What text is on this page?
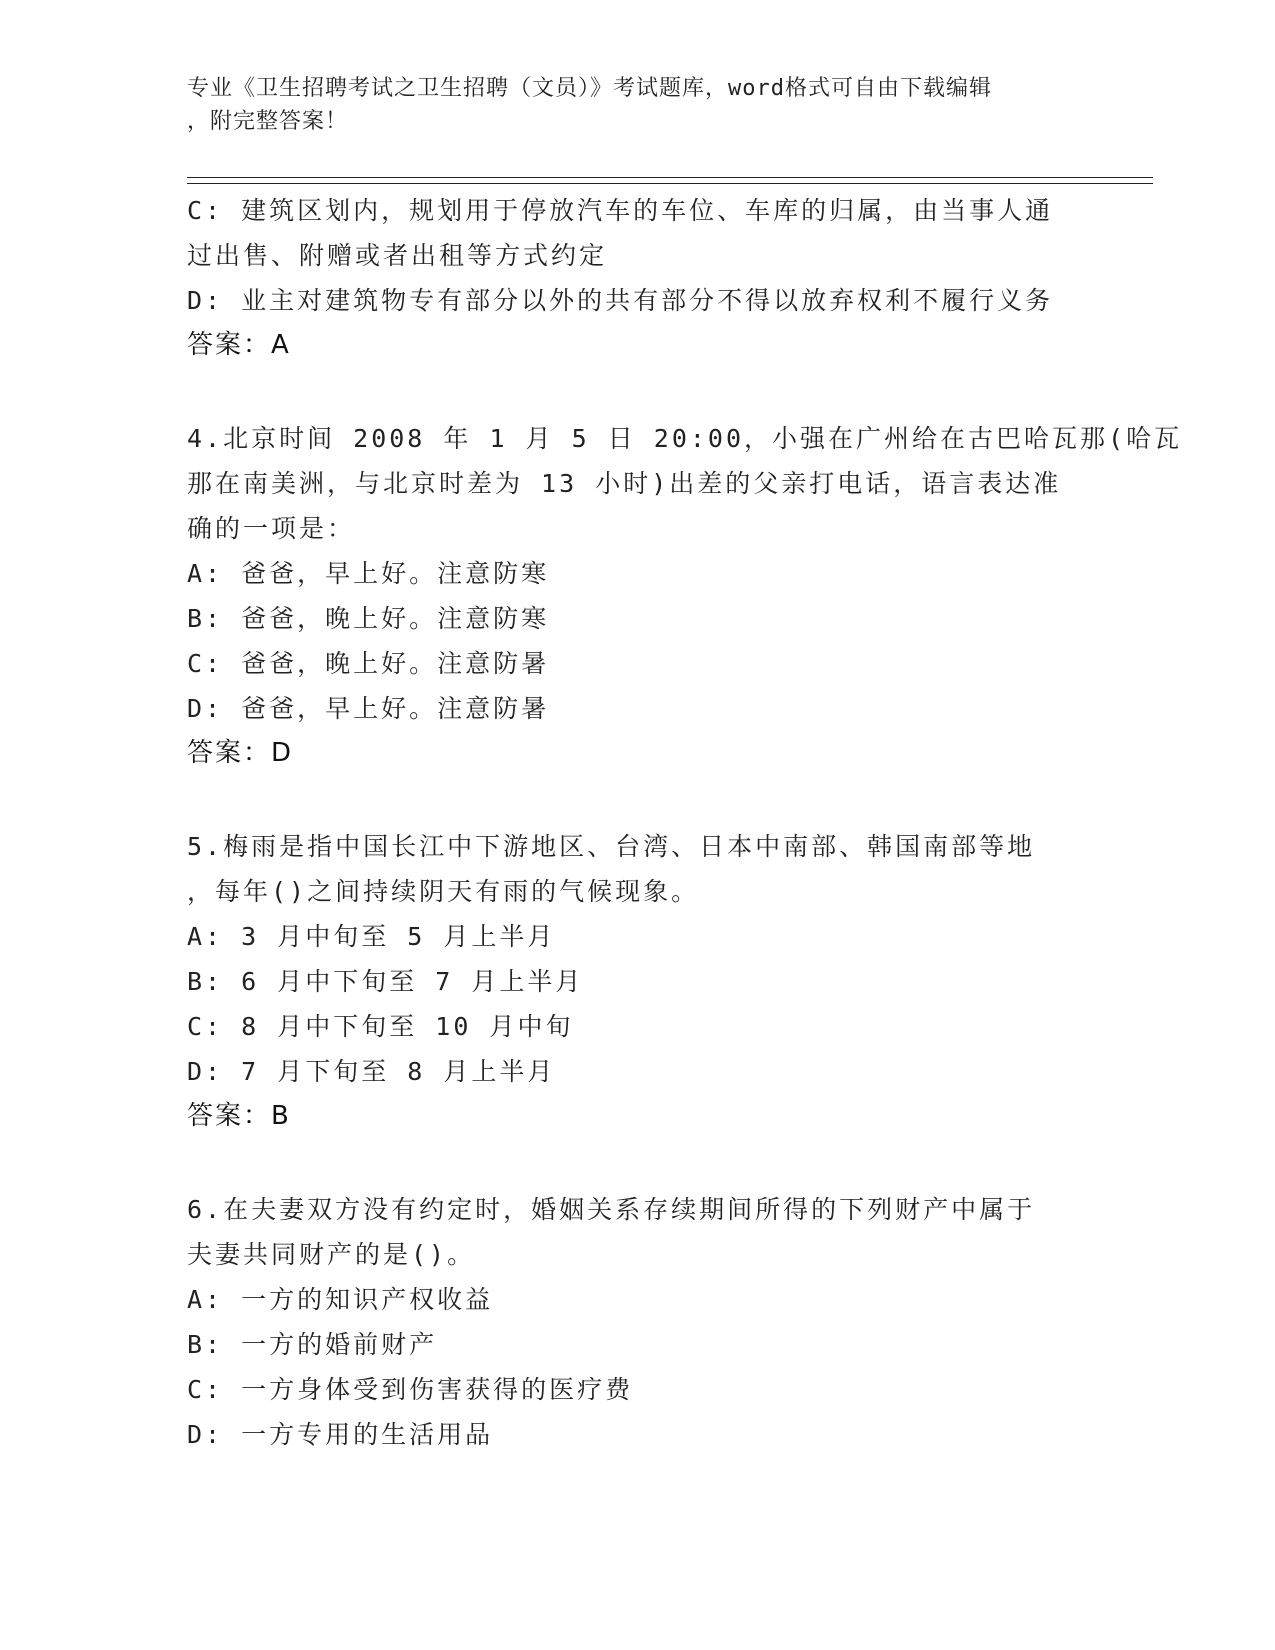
专业《卫生招聘考试之卫生招聘（文员）》考试题库，word格式可自由下载编辑
，附完整答案！
C: 建筑区划内，规划用于停放汽车的车位、车库的归属，由当事人通
过出售、附赠或者出租等方式约定
D: 业主对建筑物专有部分以外的共有部分不得以放弃权利不履行义务
答案：A
4.北京时间 2008 年 1 月 5 日 20:00，小强在广州给在古巴哈瓦那(哈瓦
那在南美洲，与北京时差为 13 小时)出差的父亲打电话，语言表达准
确的一项是：
A: 爸爸，早上好。注意防寒
B: 爸爸，晚上好。注意防寒
C: 爸爸，晚上好。注意防暑
D: 爸爸，早上好。注意防暑
答案：D
5.梅雨是指中国长江中下游地区、台湾、日本中南部、韩国南部等地
，每年()之间持续阴天有雨的气候现象。
A: 3 月中旬至 5 月上半月
B: 6 月中下旬至 7 月上半月
C: 8 月中下旬至 10 月中旬
D: 7 月下旬至 8 月上半月
答案：B
6.在夫妻双方没有约定时，婚姻关系存续期间所得的下列财产中属于
夫妻共同财产的是()。
A: 一方的知识产权收益
B: 一方的婚前财产
C: 一方身体受到伤害获得的医疗费
D: 一方专用的生活用品
